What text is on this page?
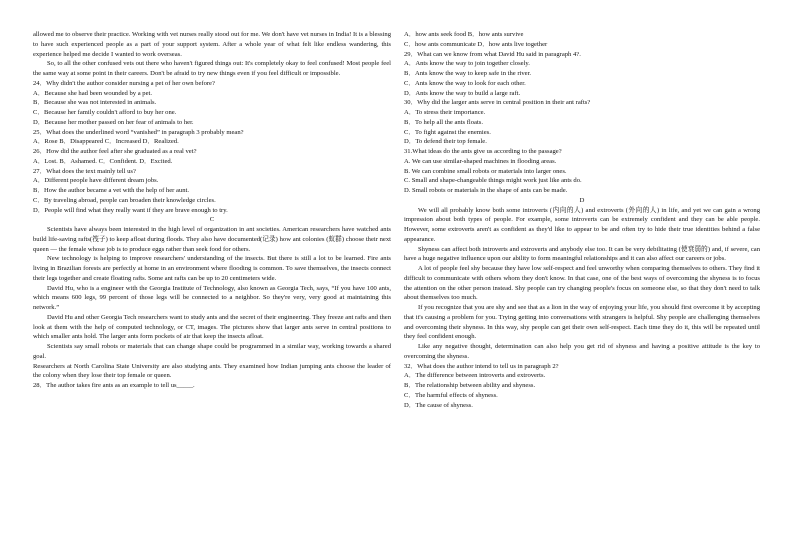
allowed me to observe their practice. Working with vet nurses really stood out for me. We don't have vet nurses in India! It is a blessing to have such experienced people as a part of your support system. After a whole year of what felt like endless wandering, this experience helped me decide I wanted to work overseas.

So, to all the other confused vets out there who haven't figured things out: It's completely okay to feel confused! Most people feel the same way at some point in their careers. Don't be afraid to try new things even if you feel difficult or impossible.

24．Why didn't the author consider nursing a pet of her own before?
A．Because she had been wounded by a pet.
B．Because she was not interested in animals.
C．Because her family couldn't afford to buy her one.
D．Because her mother passed on her fear of animals to her.
25．What does the underlined word “vanished” in paragraph 3 probably mean?
A．Rose B．Disappeared C．Increased D．Realized.
26．How did the author feel after she graduated as a real vet?
A．Lost. B．Ashamed. C．Confident. D．Excited.
27．What does the text mainly tell us?
A．Different people have different dream jobs.
B．How the author became a vet with the help of her aunt.
C．By traveling abroad, people can broaden their knowledge circles.
D．People will find what they really want if they are brave enough to try.
C

Scientists have always been interested in the high level of organization in ant societies. American researchers have watched ants build life-saving rafts(筏子) to keep afloat during floods. They also have documented(记录) how ant colonies (蚁群) choose their next queen — the female whose job is to produce eggs rather than seek food for others.

New technology is helping to improve researchers' understanding of the insects. But there is still a lot to be learned. Fire ants living in Brazilian forests are perfectly at home in an environment where flooding is common. To save themselves, the insects connect their legs together and create floating rafts. Some ant rafts can be up to 20 centimeters wide.

David Hu, who is a engineer with the Georgia Institute of Technology, also known as Georgia Tech, says, “If you have 100 ants, which means 600 legs, 99 percent of those legs will be connected to a neighbor. So they're very, very good at maintaining this network.”

David Hu and other Georgia Tech researchers want to study ants and the secret of their engineering. They freeze ant rafts and then look at them with the help of computed technology, or CT, images. The pictures show that larger ants serve in central positions to which smaller ants hold. The larger ants form pockets of air that keep the insects afloat.

Scientists say small robots or materials that can change shape could be programmed in a similar way, working towards a shared goal.

Researchers at North Carolina State University are also studying ants. They examined how Indian jumping ants choose the leader of the colony when they lose their top female or queen.

28．The author takes fire ants as an example to tell us_____.
A．how ants seek food B．how ants survive
C．how ants communicate D．how ants live together
29．What can we know from what David Hu said in paragraph 4?.
A．Ants know the way to join together closely.
B．Ants know the way to keep safe in the river.
C．Ants know the way to look for each other.
D．Ants know the way to build a large raft.
30．Why did the larger ants serve in central position in their ant rafts?
A．To stress their importance.
B．To help all the ants floats.
C．To fight against the enemies.
D．To defend their top female.
31.What ideas do the ants give us according to the passage?
A. We can use similar-shaped machines in flooding areas.
B. We can combine small robots or materials into larger ones.
C. Small and shape-changeable things might work just like ants do.
D. Small robots or materials in the shape of ants can be made.
D

We will all probably know both some introverts (内向的人) and extroverts (外向的人) in life, and yet we can gain a wrong impression about both types of people. For example, some introverts can be extremely confident and they can be able people. However, some extroverts aren't as confident as they'd like to appear to be and often try to hide their true identities behind a false appearance.

Shyness can affect both introverts and extroverts and anybody else too. It can be very debilitating (使衰弱的) and, if severe, can have a huge negative influence upon our ability to form meaningful relationships and it can also affect our careers or jobs.

A lot of people feel shy because they have low self-respect and feel unworthy when comparing themselves to others. They find it difficult to communicate with others whom they don't know. In that case, one of the best ways of overcoming the shyness is to focus the attention on the other person instead. Shy people can try changing people's focus on someone else, so that they don't need to talk about themselves too much.

If you recognize that you are shy and see that as a lion in the way of enjoying your life, you should first overcome it by accepting that it's causing a problem for you. Trying getting into conversations with strangers is helpful. Shy people are challenging themselves and overcoming their shyness. In this way, shy people can get their own self-respect. Each time they do it, this will be repeated until they feel confident enough.

Like any negative thought, determination can also help you get rid of shyness and having a positive attitude is the key to overcoming the shyness.

32．What does the author intend to tell us in paragraph 2?
A．The difference between introverts and extroverts.
B．The relationship between ability and shyness.
C．The harmful effects of shyness.
D．The cause of shyness.
